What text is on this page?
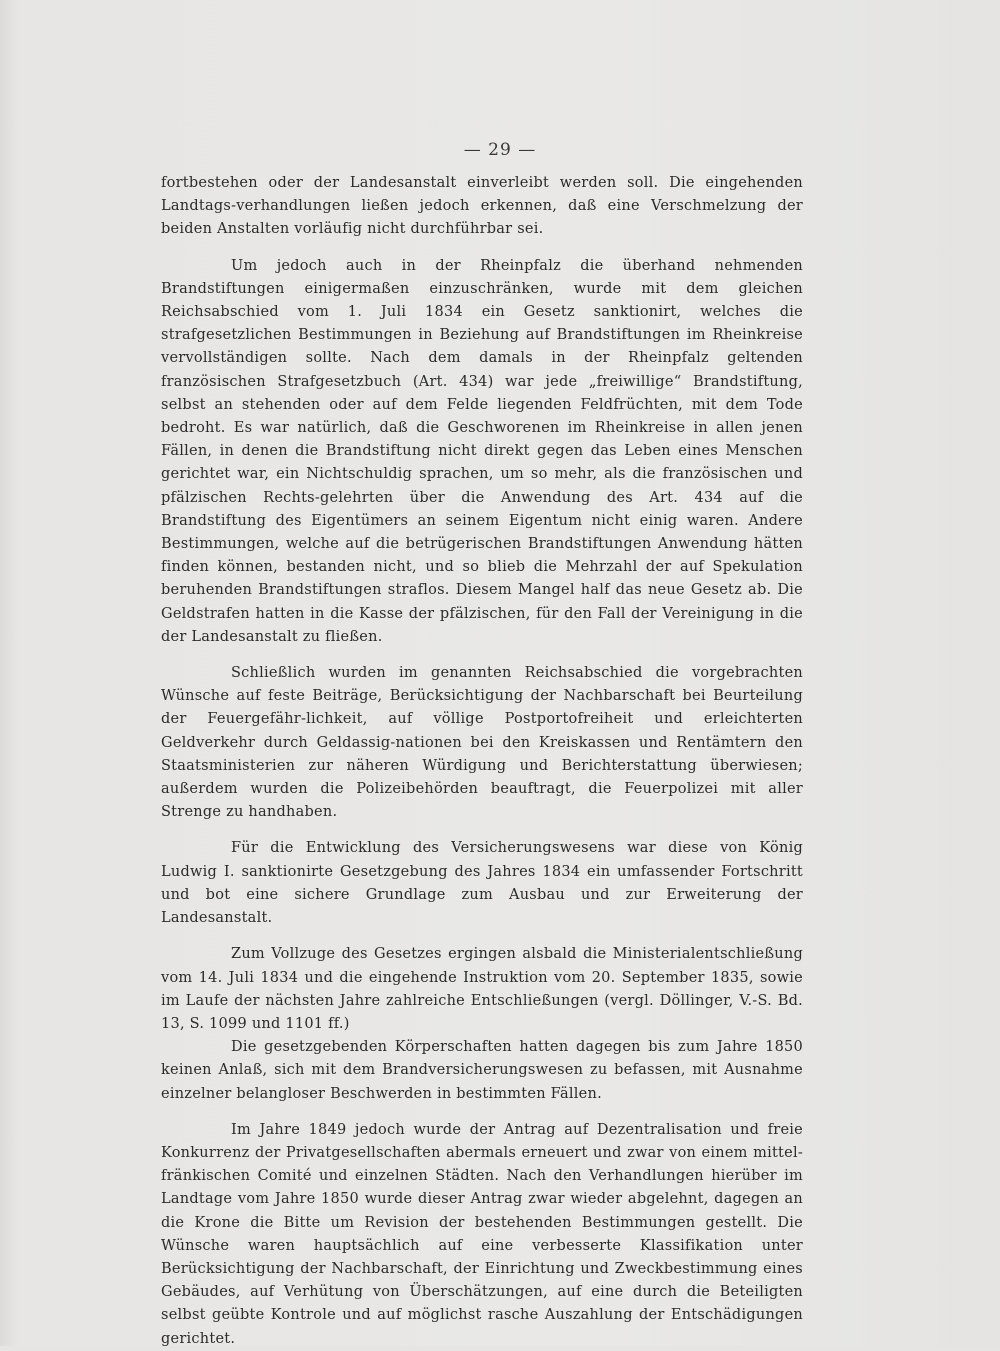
— 29 —

fortbestehen oder der Landesanstalt einverleibt werden soll. Die eingehenden Landtags-verhandlungen ließen jedoch erkennen, daß eine Verschmelzung der beiden Anstalten vorläufig nicht durchführbar sei.

Um jedoch auch in der Rheinpfalz die überhand nehmenden Brandstiftungen einigermaßen einzuschränken, wurde mit dem gleichen Reichsabschied vom 1. Juli 1834 ein Gesetz sanktionirt, welches die strafgesetzlichen Bestimmungen in Beziehung auf Brandstiftungen im Rheinkreise vervollständigen sollte. Nach dem damals in der Rheinpfalz geltenden französischen Strafgesetzbuch (Art. 434) war jede „freiwillige“ Brandstiftung, selbst an stehenden oder auf dem Felde liegenden Feldfrüchten, mit dem Tode bedroht. Es war natürlich, daß die Geschworenen im Rheinkreise in allen jenen Fällen, in denen die Brandstiftung nicht direkt gegen das Leben eines Menschen gerichtet war, ein Nichtschuldig sprachen, um so mehr, als die französischen und pfälzischen Rechts-gelehrten über die Anwendung des Art. 434 auf die Brandstiftung des Eigentümers an seinem Eigentum nicht einig waren. Andere Bestimmungen, welche auf die betrügerischen Brandstiftungen Anwendung hätten finden können, bestanden nicht, und so blieb die Mehrzahl der auf Spekulation beruhenden Brandstiftungen straflos. Diesem Mangel half das neue Gesetz ab. Die Geldstrafen hatten in die Kasse der pfälzischen, für den Fall der Vereinigung in die der Landesanstalt zu fließen.

Schließlich wurden im genannten Reichsabschied die vorgebrachten Wünsche auf feste Beiträge, Berücksichtigung der Nachbarschaft bei Beurteilung der Feuergefähr-lichkeit, auf völlige Postportofreiheit und erleichterten Geldverkehr durch Geldassig-nationen bei den Kreiskassen und Rentämtern den Staatsministerien zur näheren Würdigung und Berichterstattung überwiesen; außerdem wurden die Polizeibehörden beauftragt, die Feuerpolizei mit aller Strenge zu handhaben.

Für die Entwicklung des Versicherungswesens war diese von König Ludwig I. sanktionirte Gesetzgebung des Jahres 1834 ein umfassender Fortschritt und bot eine sichere Grundlage zum Ausbau und zur Erweiterung der Landesanstalt.

Zum Vollzuge des Gesetzes ergingen alsbald die Ministerialentschließung vom 14. Juli 1834 und die eingehende Instruktion vom 20. September 1835, sowie im Laufe der nächsten Jahre zahlreiche Entschließungen (vergl. Döllinger, V.-S. Bd. 13, S. 1099 und 1101 ff.)

Die gesetzgebenden Körperschaften hatten dagegen bis zum Jahre 1850 keinen Anlaß, sich mit dem Brandversicherungswesen zu befassen, mit Ausnahme einzelner belangloser Beschwerden in bestimmten Fällen.

Im Jahre 1849 jedoch wurde der Antrag auf Dezentralisation und freie Konkurrenz der Privatgesellschaften abermals erneuert und zwar von einem mittel-fränkischen Comité und einzelnen Städten. Nach den Verhandlungen hierüber im Landtage vom Jahre 1850 wurde dieser Antrag zwar wieder abgelehnt, dagegen an die Krone die Bitte um Revision der bestehenden Bestimmungen gestellt. Die Wünsche waren hauptsächlich auf eine verbesserte Klassifikation unter Berücksichtigung der Nachbarschaft, der Einrichtung und Zweckbestimmung eines Gebäudes, auf Verhütung von Überschätzungen, auf eine durch die Beteiligten selbst geübte Kontrole und auf möglichst rasche Auszahlung der Entschädigungen gerichtet.
